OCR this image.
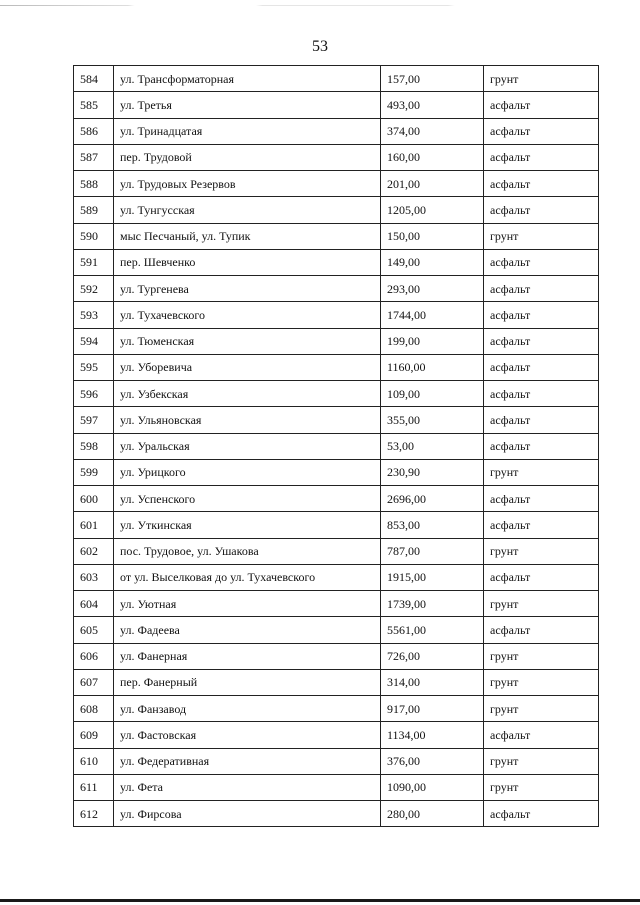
53
584	ул. Трансформаторная	157,00	грунт
585	ул. Третья	493,00	асфальт
586	ул. Тринадцатая	374,00	асфальт
587	пер. Трудовой	160,00	асфальт
588	ул. Трудовых Резервов	201,00	асфальт
589	ул. Тунгусская	1205,00	асфальт
590	мыс Песчаный, ул. Тупик	150,00	грунт
591	пер. Шевченко	149,00	асфальт
592	ул. Тургенева	293,00	асфальт
593	ул. Тухачевского	1744,00	асфальт
594	ул. Тюменская	199,00	асфальт
595	ул. Уборевича	1160,00	асфальт
596	ул. Узбекская	109,00	асфальт
597	ул. Ульяновская	355,00	асфальт
598	ул. Уральская	53,00	асфальт
599	ул. Урицкого	230,90	грунт
600	ул. Успенского	2696,00	асфальт
601	ул. Уткинская	853,00	асфальт
602	пос. Трудовое, ул. Ушакова	787,00	грунт
603	от ул. Выселковая до ул. Тухачевского	1915,00	асфальт
604	ул. Уютная	1739,00	грунт
605	ул. Фадеева	5561,00	асфальт
606	ул. Фанерная	726,00	грунт
607	пер. Фанерный	314,00	грунт
608	ул. Фанзавод	917,00	грунт
609	ул. Фастовская	1134,00	асфальт
610	ул. Федеративная	376,00	грунт
611	ул. Фета	1090,00	грунт
612	ул. Фирсова	280,00	асфальт
